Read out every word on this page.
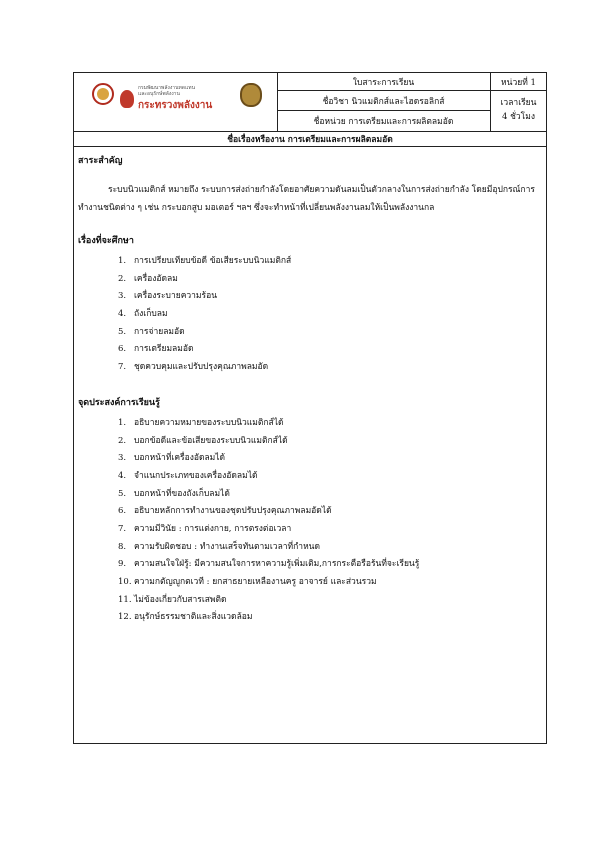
กรมพัฒนาพลังงานทดแทน
และอนุรักษ์พลังงาน
กระทรวงพลังงาน
ใบสาระการเรียน
ชื่อวิชา นิวแมติกส์และไฮดรอลิกส์
ชื่อหน่วย การเตรียมและการผลิตลมอัด
หน่วยที่ 1
เวลาเรียน
4 ชั่วโมง
ชื่อเรื่องหรืองาน การเตรียมและการผลิตลมอัด
สาระสำคัญ
ระบบนิวแมติกส์ หมายถึง ระบบการส่งถ่ายกำลังโดยอาศัยความดันลมเป็นตัวกลางในการส่งถ่ายกำลัง โดยมีอุปกรณ์การทำงานชนิดต่าง ๆ เช่น กระบอกสูบ มอเตอร์ ฯลฯ ซึ่งจะทำหน้าที่เปลี่ยนพลังงานลมให้เป็นพลังงานกล
เรื่องที่จะศึกษา
1. การเปรียบเทียบข้อดี ข้อเสียระบบนิวแมติกส์
2. เครื่องอัดลม
3. เครื่องระบายความร้อน
4. ถังเก็บลม
5. การจ่ายลมอัด
6. การเตรียมลมอัด
7. ชุดควบคุมและปรับปรุงคุณภาพลมอัด
จุดประสงค์การเรียนรู้
1. อธิบายความหมายของระบบนิวแมติกส์ได้
2. บอกข้อดีและข้อเสียของระบบนิวแมติกส์ได้
3. บอกหน้าที่เครื่องอัดลมได้
4. จำแนกประเภทของเครื่องอัดลมได้
5. บอกหน้าที่ของถังเก็บลมได้
6. อธิบายหลักการทำงานของชุดปรับปรุงคุณภาพลมอัดได้
7. ความมีวินัย : การแต่งกาย, การตรงต่อเวลา
8. ความรับผิดชอบ : ทำงานเสร็จทันตามเวลาที่กำหนด
9. ความสนใจใฝ่รู้: มีความสนใจการหาความรู้เพิ่มเติม,การกระตือรือร้นที่จะเรียนรู้
10. ความกตัญญูกตเวที : ยกสาธยายเหลืองานครู อาจารย์ และส่วนรวม
11. ไม่ข้องเกี่ยวกับสารเสพติด
12. อนุรักษ์ธรรมชาติและสิ่งแวดล้อม
